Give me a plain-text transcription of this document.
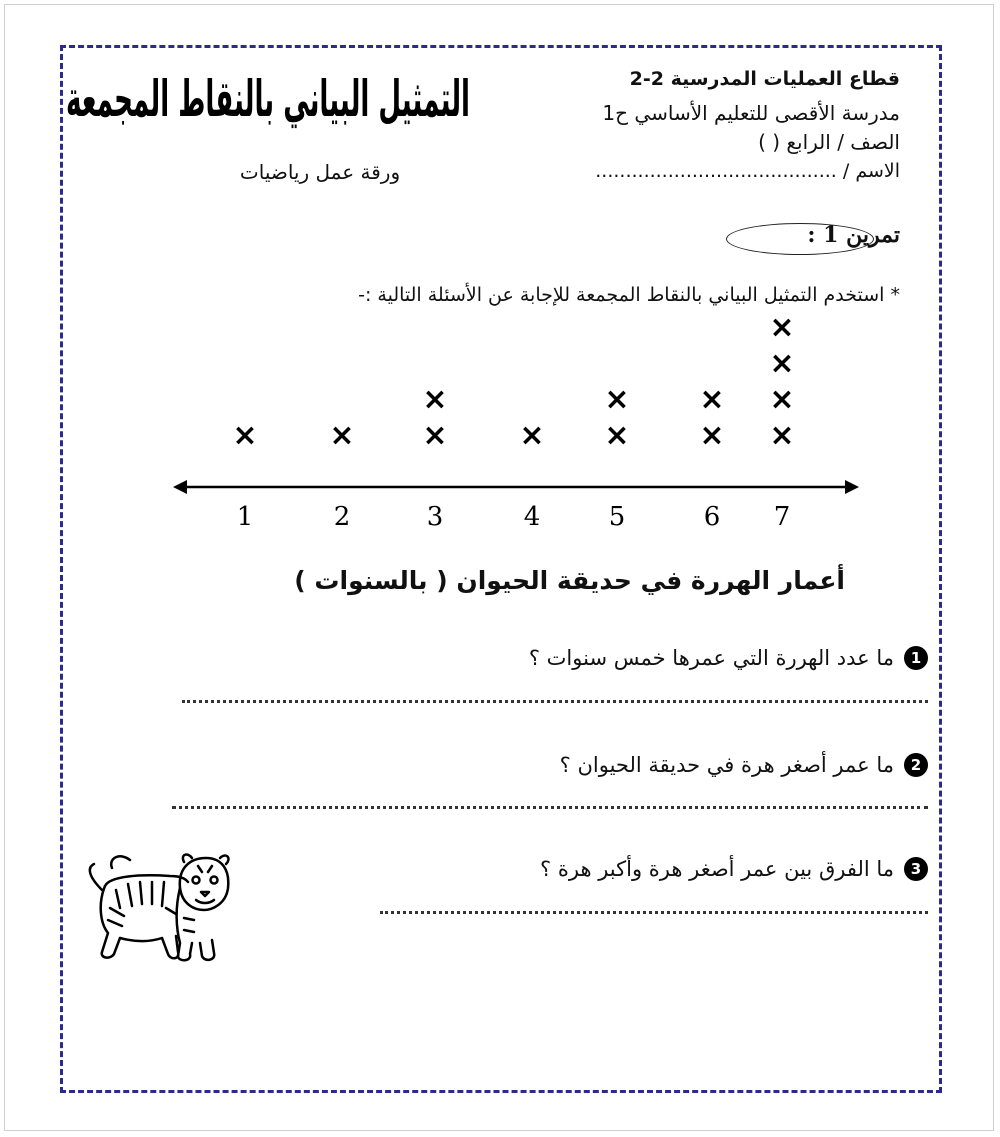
التمثيل البياني بالنقاط المجمعة
ورقة عمل رياضيات
قطاع العمليات المدرسية 2-2
مدرسة الأقصى للتعليم الأساسي ح1
الصف / الرابع ( )
الاسم / ........................................
تمرين 1 :
* استخدم التمثيل البياني بالنقاط المجمعة للإجابة عن الأسئلة التالية :-
×
1
×
2
×
×
3
×
4
×
×
5
×
×
6
×
×
×
×
7
أعمار الهررة في حديقة الحيوان ( بالسنوات )
1
ما عدد الهررة التي عمرها خمس سنوات ؟
2
ما عمر أصغر هرة في حديقة الحيوان ؟
3
ما الفرق بين عمر أصغر هرة وأكبر هرة ؟
